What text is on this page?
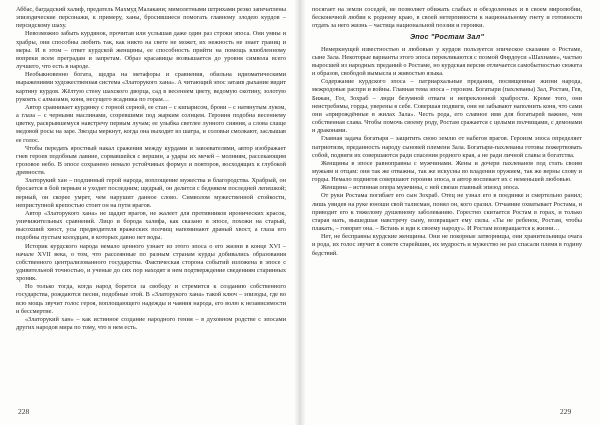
Аббас, багдадский халиф, предатель Махмуд Малакани; мимолетными штрихами резко запечатлены эпизодические персонажи, к примеру, ханы, бросившиеся помогать главному злодею курдов – персидскому шаху.

Невозможно забыть курдянок, прочитав или услышав даже один раз строки эпоса. Они умны и храбры, они способны любить так, как никто на свете не может, их нежность не знает границ и меры. И в этом – ответ курдской женщины, ее способность прийти на помощь влюбленному вопреки всем преградам и запретам. Образ красавицы возвышается до уровня символа всего лучшего, что есть в народе.

Необыкновенно богата, щедра на метафоры и сравнения, обильна идиоматическими выражениями художественная система «Златорукого хана». А читающий эпос затаив дыхание видит картину курдов. Жёлтую стену шахского дворца, сад в весеннем цвету, ведомую скотину, золотую рукоять с алмазами, коня, несущего всадника по горам…

Автор сравнивает курдянку с горной серной, ее стан – с кипарисом, брови – с натянутым луком, а глаза – с черными маслинами, созревшими под жарким солнцем. Героиня подобна весеннему цветку, раскрывшемуся навстречу первым лучам; ее улыбка светлее лунного сияния, а слова слаще медовой росы на заре. Звезды меркнут, когда она выходит из шатра, и соловьи смолкают, заслышав ее голос.

Чтобы передать яростный накал сражения между курдами и завоевателями, автор изображает гнев героев подобным лавине, сорвавшейся с вершин, а удары их мечей – молниям, рассекающим грозовое небо. В эпосе сохранено немало устойчивых формул и повторов, восходящих к глубокой древности.

Златорукий хан – подлинный герой народа, воплощение мужества и благородства. Храбрый, он бросается в бой первым и уходит последним; щедрый, он делится с бедняком последней лепешкой; верный, он скорее умрет, чем нарушит данное слово. Символом мужественной стойкости, неприступной крепостью стоит он на пути врагов.

Автор «Златорукого хана» не щадит врагов, не жалеет для противников иронических красок, уничижительных сравнений. Лицо и борода халифа, как сказано в эпосе, похожи на старый, высохший хвост, усы предводителя вражеских полчищ напоминают драный хвост, а глаза его подобны пустым колодцам, в которых давно нет воды.

Историк курдского народа немало ценного узнает из этого эпоса о его жизни в конце XVI – начале XVII века, о том, что рассеянные по разным странам курды добивались образования собственного централизованного государства. Фактическая сторона событий изложена в эпосе с удивительной точностью, и ученые до сих пор находят в нем подтверждение сведениям старинных хроник.

Но только тогда, когда народ борется за свободу и стремится к созданию собственного государства, рождаются песни, подобные этой. В «Златорукого хана» такой ключ – эпизоды, где во всю мощь звучит голос героя, воплощающего надежды и чаяния народа, его волю к независимости и бессмертие.

«Златорукий хан» – как истинное создание народного гения – в духовном родстве с эпосами других народов мира по тому, что в нем есть.

посягает на земли соседей, не позволяет обижать слабых и обездоленных и в своем миролюбии, бесконечной любви к родному краю, в своей нетерпимости к национальному гнету и готовности отдать за него жизнь – частица национальной поэзии и героики.

Эпос "Ростам Зал"

Немеркнущей известностью и любовью у курдов пользуется эпическое сказание о Ростаме, сыне Зала. Некоторые варианты этого эпоса перекликаются с поэмой Фирдоуси «Шахнаме», частью выросшей из народных преданий о Ростаме, но курдская версия отличается самобытностью сюжета и образов, свободой вымысла и живостью языка.

Содержание курдского эпоса – патриархальные предания, посвященные жизни народа, межродовые распри и войны. Главная тема эпоса – героизм. Богатыри (пахлеваны) Зал, Ростам, Гев, Бижан, Гоз, Зохраб – люди безумной отваги и непреклонной храбрости. Кроме того, они неистребимы, горды, уверены в себе. Совершая подвиги, они не забывают наполнить коня, что сами они «прирождённые в жилах Зала». Честь рода, его славное имя для богатырей важнее, чем собственная слава. Чтобы помочь своему роду, Ростам сражается с целыми полчищами, с демонами и драконами.

Главная задача богатыря – защитить свою землю от набегов врагов. Героизм эпоса определяет патриотизм, преданность народу сыновей племени Зала. Богатыри-пахлеваны готовы пожертвовать собой, подвиги их совершаются ради спасения родного края, а не ради личной славы и богатства.

Женщины в эпосе равноправны с мужчинами. Жены и дочери пахлеванов под стать своим мужьям и отцам: они так же отважны, так же искусны во владении оружием, так же верны слову и горды. Немало подвигов совершают героини эпоса, и автор воспевает их с неменьшей любовью.

Женщина – истинная опора мужчины, с ней связан главный эпизод эпоса.

От руки Ростама погибает его сын Зохраб. Отец не узнал его в поединке и смертельно ранил; лишь увидев на руке юноши свой талисман, понял он, кого сразил. Отчаяние охватывает Ростама, и приводит его к тяжелому душевному заболеванию. Горестно скитается Ростам в горах, и только старая мать, вышедшая навстречу сыну, возвращает ему силы. «Ты не ребенок, Ростам, чтобы плакать, – говорит она. – Встань и иди к своему народу». И Ростам возвращается к жизни…

Нет, не бесправны курдские женщины. Они не покорные затворницы, они хранительницы очага и рода, их голос звучит в совете старейшин, их мудрость и мужество не раз спасали племя в годину бедствий.

228	229
